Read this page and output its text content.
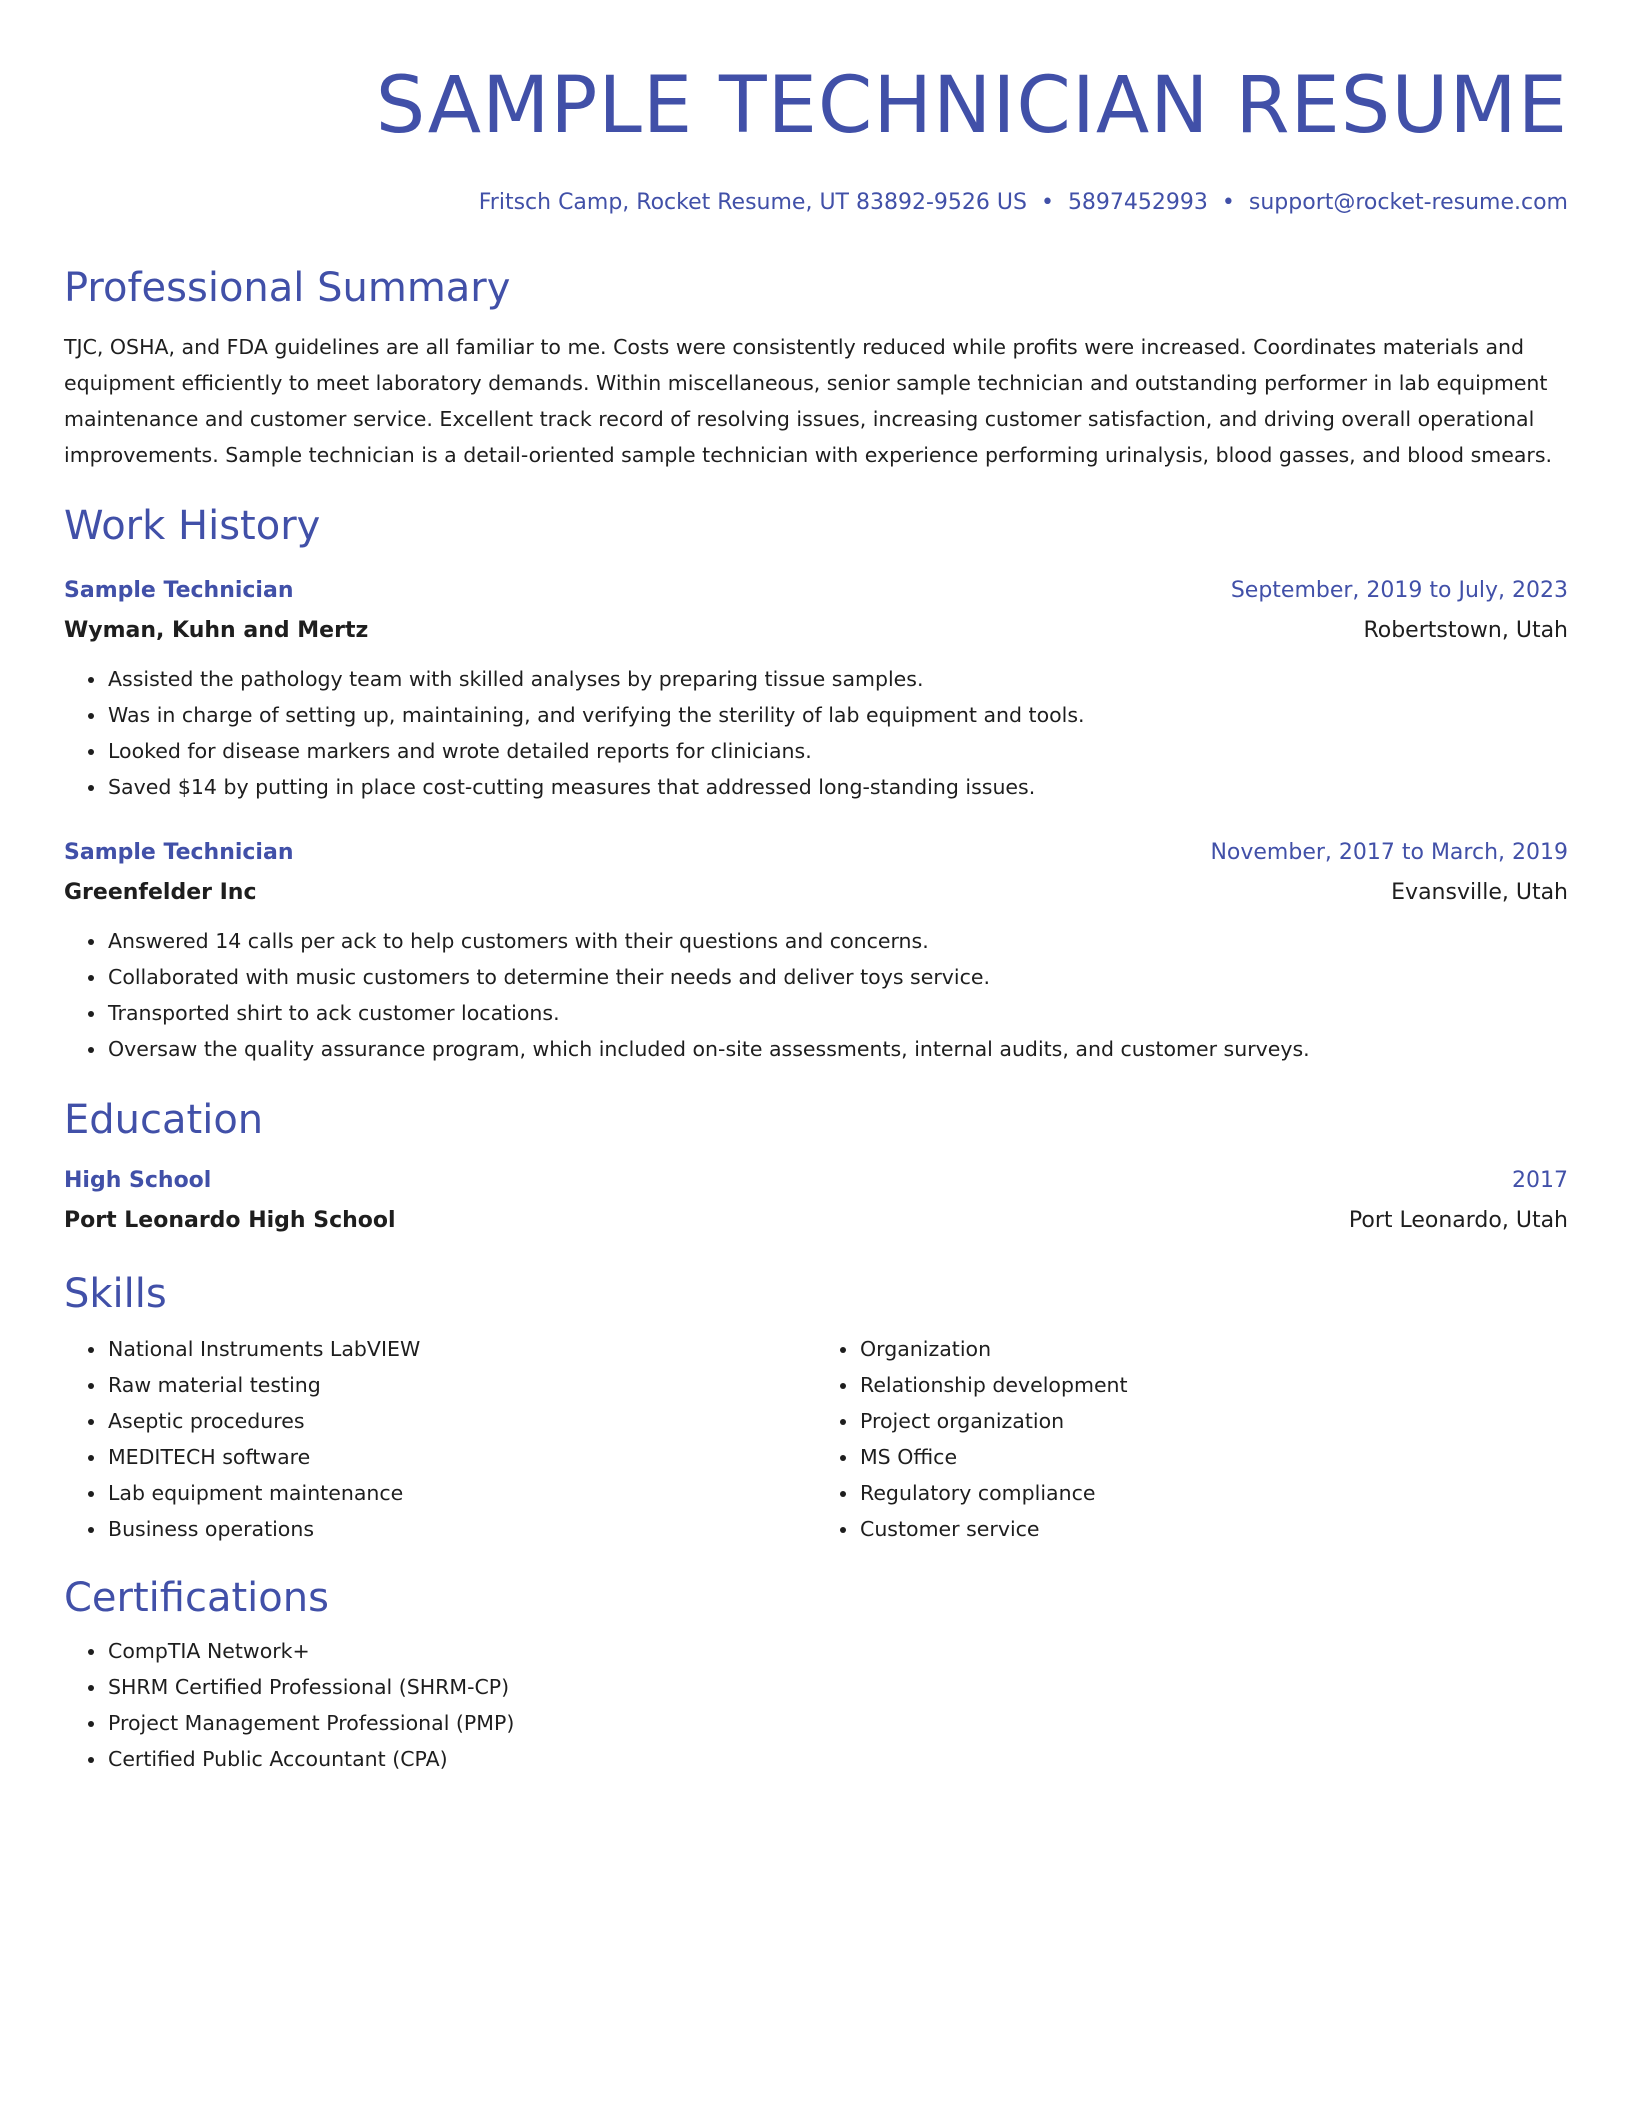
SAMPLE TECHNICIAN RESUME
Fritsch Camp, Rocket Resume, UT 83892-9526 US • 5897452993 • support@rocket-resume.com
Professional Summary
TJC, OSHA, and FDA guidelines are all familiar to me. Costs were consistently reduced while profits were increased. Coordinates materials and equipment efficiently to meet laboratory demands. Within miscellaneous, senior sample technician and outstanding performer in lab equipment maintenance and customer service. Excellent track record of resolving issues, increasing customer satisfaction, and driving overall operational improvements. Sample technician is a detail-oriented sample technician with experience performing urinalysis, blood gasses, and blood smears.
Work History
Sample Technician	September, 2019 to July, 2023
Wyman, Kuhn and Mertz	Robertstown, Utah
• Assisted the pathology team with skilled analyses by preparing tissue samples.
• Was in charge of setting up, maintaining, and verifying the sterility of lab equipment and tools.
• Looked for disease markers and wrote detailed reports for clinicians.
• Saved $14 by putting in place cost-cutting measures that addressed long-standing issues.
Sample Technician	November, 2017 to March, 2019
Greenfelder Inc	Evansville, Utah
• Answered 14 calls per ack to help customers with their questions and concerns.
• Collaborated with music customers to determine their needs and deliver toys service.
• Transported shirt to ack customer locations.
• Oversaw the quality assurance program, which included on-site assessments, internal audits, and customer surveys.
Education
High School	2017
Port Leonardo High School	Port Leonardo, Utah
Skills
• National Instruments LabVIEW
• Raw material testing
• Aseptic procedures
• MEDITECH software
• Lab equipment maintenance
• Business operations
• Organization
• Relationship development
• Project organization
• MS Office
• Regulatory compliance
• Customer service
Certifications
• CompTIA Network+
• SHRM Certified Professional (SHRM-CP)
• Project Management Professional (PMP)
• Certified Public Accountant (CPA)
